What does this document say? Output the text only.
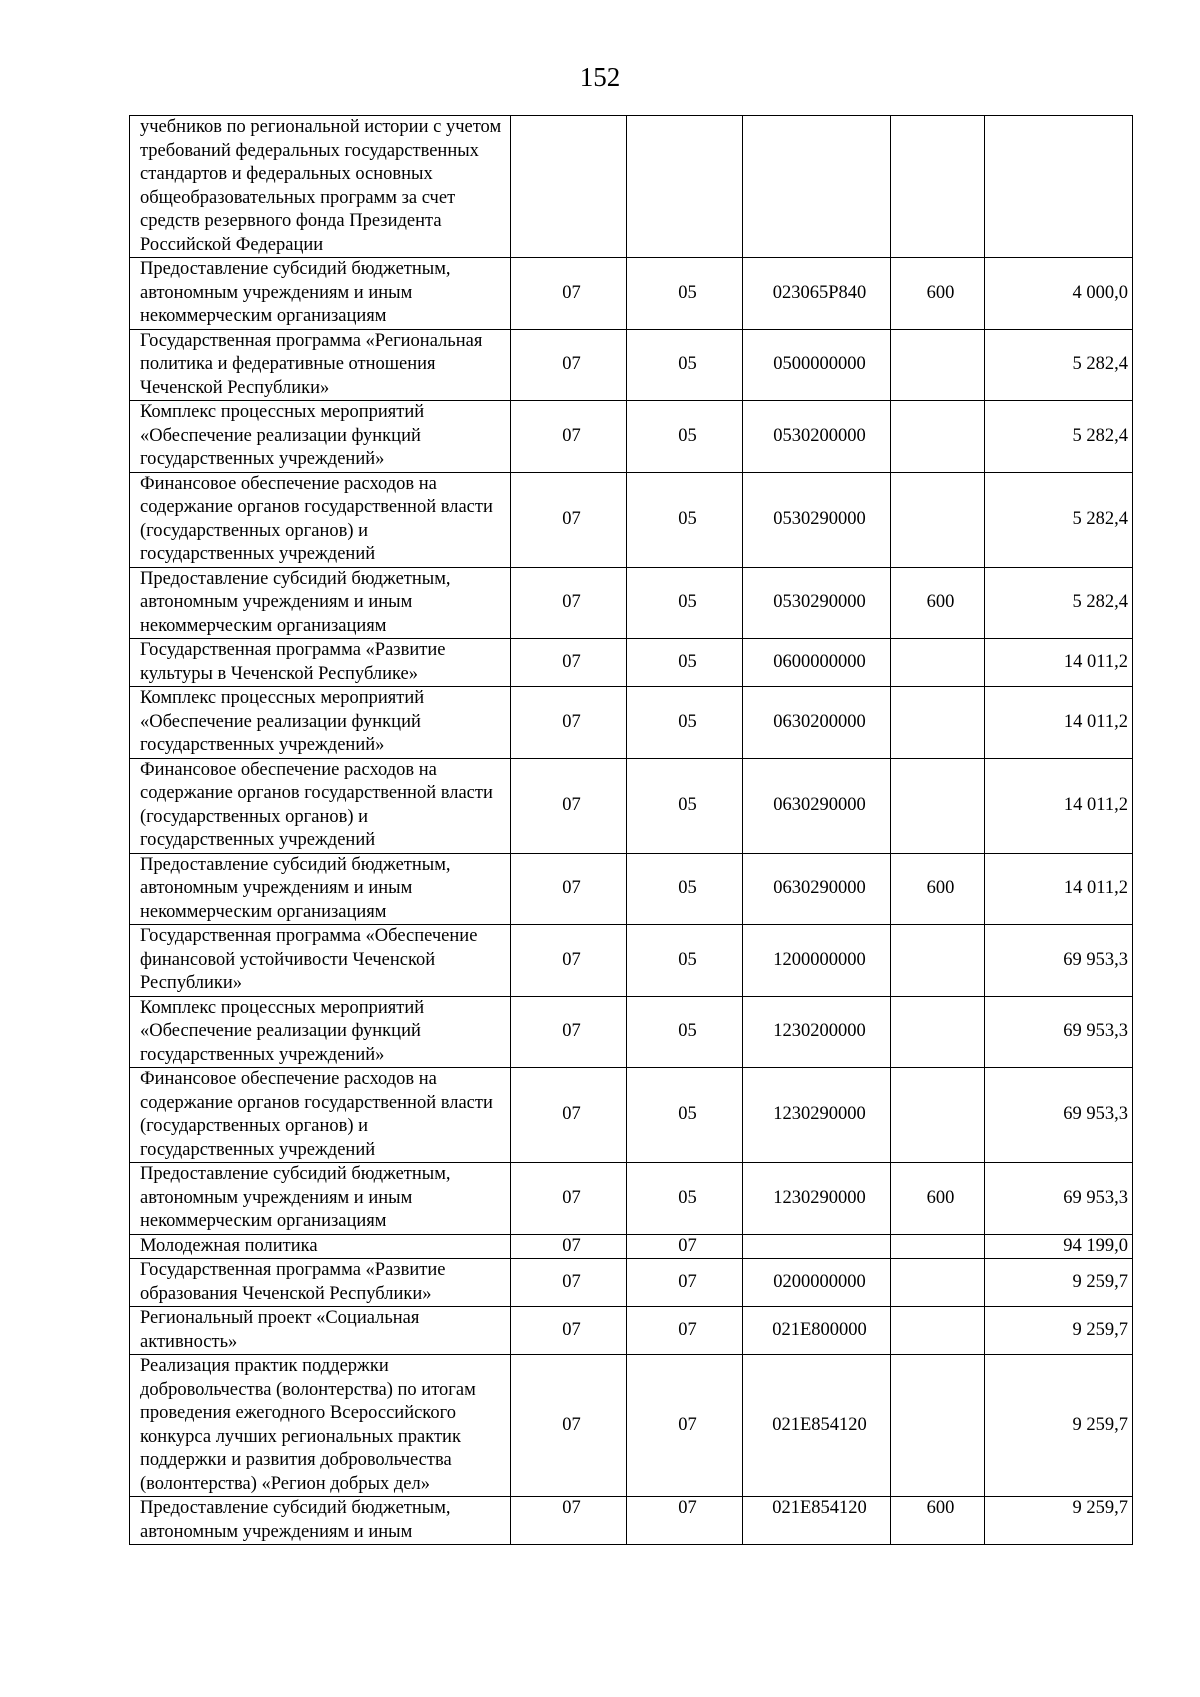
152
учебников по региональной истории с учетом требований федеральных государственных стандартов и федеральных основных общеобразовательных программ за счет средств резервного фонда Президента Российской Федерации					
Предоставление субсидий бюджетным, автономным учреждениям и иным некоммерческим организациям	07	05	023065Р840	600	4 000,0
Государственная программа «Региональная политика и федеративные отношения Чеченской Республики»	07	05	0500000000		5 282,4
Комплекс процессных мероприятий «Обеспечение реализации функций государственных учреждений»	07	05	0530200000		5 282,4
Финансовое обеспечение расходов на содержание органов государственной власти (государственных органов) и государственных учреждений	07	05	0530290000		5 282,4
Предоставление субсидий бюджетным, автономным учреждениям и иным некоммерческим организациям	07	05	0530290000	600	5 282,4
Государственная программа «Развитие культуры в Чеченской Республике»	07	05	0600000000		14 011,2
Комплекс процессных мероприятий «Обеспечение реализации функций государственных учреждений»	07	05	0630200000		14 011,2
Финансовое обеспечение расходов на содержание органов государственной власти (государственных органов) и государственных учреждений	07	05	0630290000		14 011,2
Предоставление субсидий бюджетным, автономным учреждениям и иным некоммерческим организациям	07	05	0630290000	600	14 011,2
Государственная программа «Обеспечение финансовой устойчивости Чеченской Республики»	07	05	1200000000		69 953,3
Комплекс процессных мероприятий «Обеспечение реализации функций государственных учреждений»	07	05	1230200000		69 953,3
Финансовое обеспечение расходов на содержание органов государственной власти (государственных органов) и государственных учреждений	07	05	1230290000		69 953,3
Предоставление субсидий бюджетным, автономным учреждениям и иным некоммерческим организациям	07	05	1230290000	600	69 953,3
Молодежная политика	07	07			94 199,0
Государственная программа «Развитие образования Чеченской Республики»	07	07	0200000000		9 259,7
Региональный проект «Социальная активность»	07	07	021Е800000		9 259,7
Реализация практик поддержки добровольчества (волонтерства) по итогам проведения ежегодного Всероссийского конкурса лучших региональных практик поддержки и развития добровольчества (волонтерства) «Регион добрых дел»	07	07	021Е854120		9 259,7
Предоставление субсидий бюджетным, автономным учреждениям и иным	07	07	021Е854120	600	9 259,7
